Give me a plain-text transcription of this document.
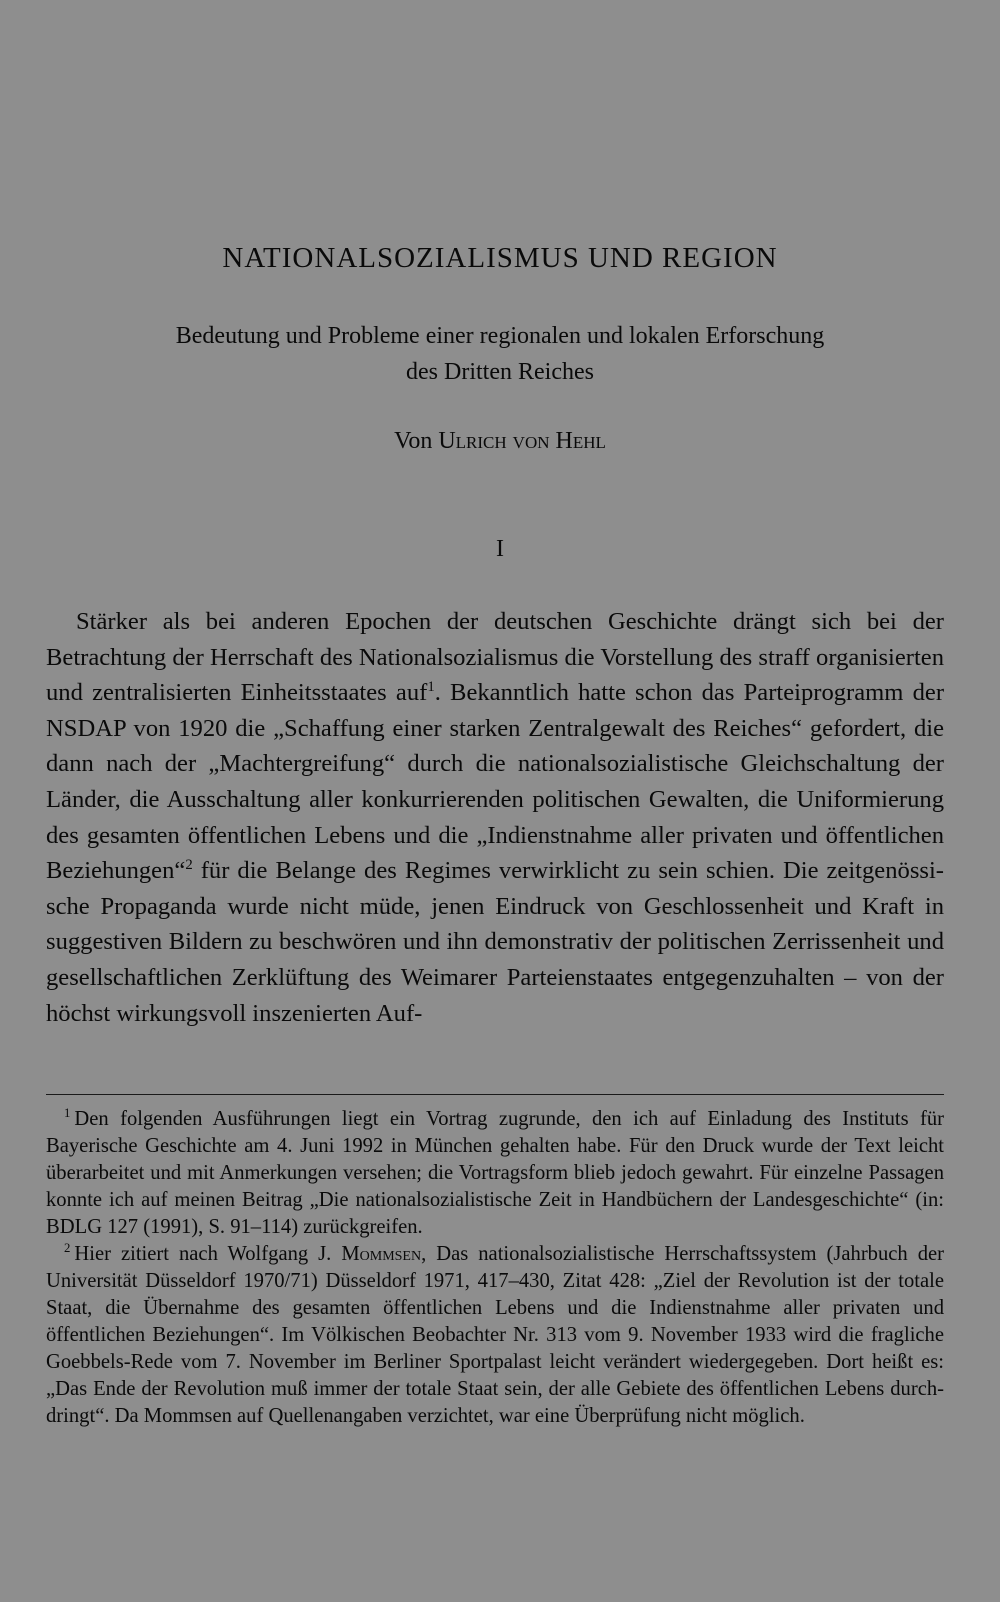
NATIONALSOZIALISMUS UND REGION

Bedeutung und Probleme einer regionalen und lokalen Erforschung
des Dritten Reiches

Von Ulrich von Hehl

I

Stärker als bei anderen Epochen der deutschen Geschichte drängt sich bei der Betrachtung der Herrschaft des Nationalsozialismus die Vorstellung des straff organisierten und zentralisierten Einheitsstaates auf$^1$. Bekanntlich hatte schon das Parteiprogramm der NSDAP von 1920 die „Schaffung einer starken Zentralgewalt des Reiches“ gefordert, die dann nach der „Machtergreifung“ durch die nationalsozialistische Gleichschaltung der Länder, die Ausschaltung aller konkurrierenden politischen Gewalten, die Uniformierung des gesamten öffentlichen Lebens und die „Indienstnahme aller privaten und öffentlichen Beziehungen“$^2$ für die Belange des Regimes verwirklicht zu sein schien. Die zeitgenössische Propaganda wurde nicht müde, jenen Eindruck von Geschlossenheit und Kraft in suggestiven Bildern zu beschwören und ihn demonstrativ der politischen Zerrissenheit und gesellschaftlichen Zerklüftung des Weimarer Parteienstaates entgegenzuhalten – von der höchst wirkungsvoll inszenierten Auf-

$^1$ Den folgenden Ausführungen liegt ein Vortrag zugrunde, den ich auf Einladung des Instituts für Bayerische Geschichte am 4. Juni 1992 in München gehalten habe. Für den Druck wurde der Text leicht überarbeitet und mit Anmerkungen versehen; die Vortragsform blieb jedoch gewahrt. Für einzelne Passagen konnte ich auf meinen Beitrag „Die nationalsozialistische Zeit in Handbüchern der Landesgeschichte“ (in: BDLG 127 (1991), S. 91–114) zurückgreifen.

$^2$ Hier zitiert nach Wolfgang J. Mommsen, Das nationalsozialistische Herrschaftssystem (Jahrbuch der Universität Düsseldorf 1970/71) Düsseldorf 1971, 417–430, Zitat 428: „Ziel der Revolution ist der totale Staat, die Übernahme des gesamten öffentlichen Lebens und die Indienstnahme aller privaten und öffentlichen Beziehungen“. Im Völkischen Beobachter Nr. 313 vom 9. November 1933 wird die fragliche Goebbels-Rede vom 7. November im Berliner Sportpalast leicht verändert wiedergegeben. Dort heißt es: „Das Ende der Revolution muß immer der totale Staat sein, der alle Gebiete des öffentlichen Lebens durchdringt“. Da Mommsen auf Quellenangaben verzichtet, war eine Überprüfung nicht möglich.
